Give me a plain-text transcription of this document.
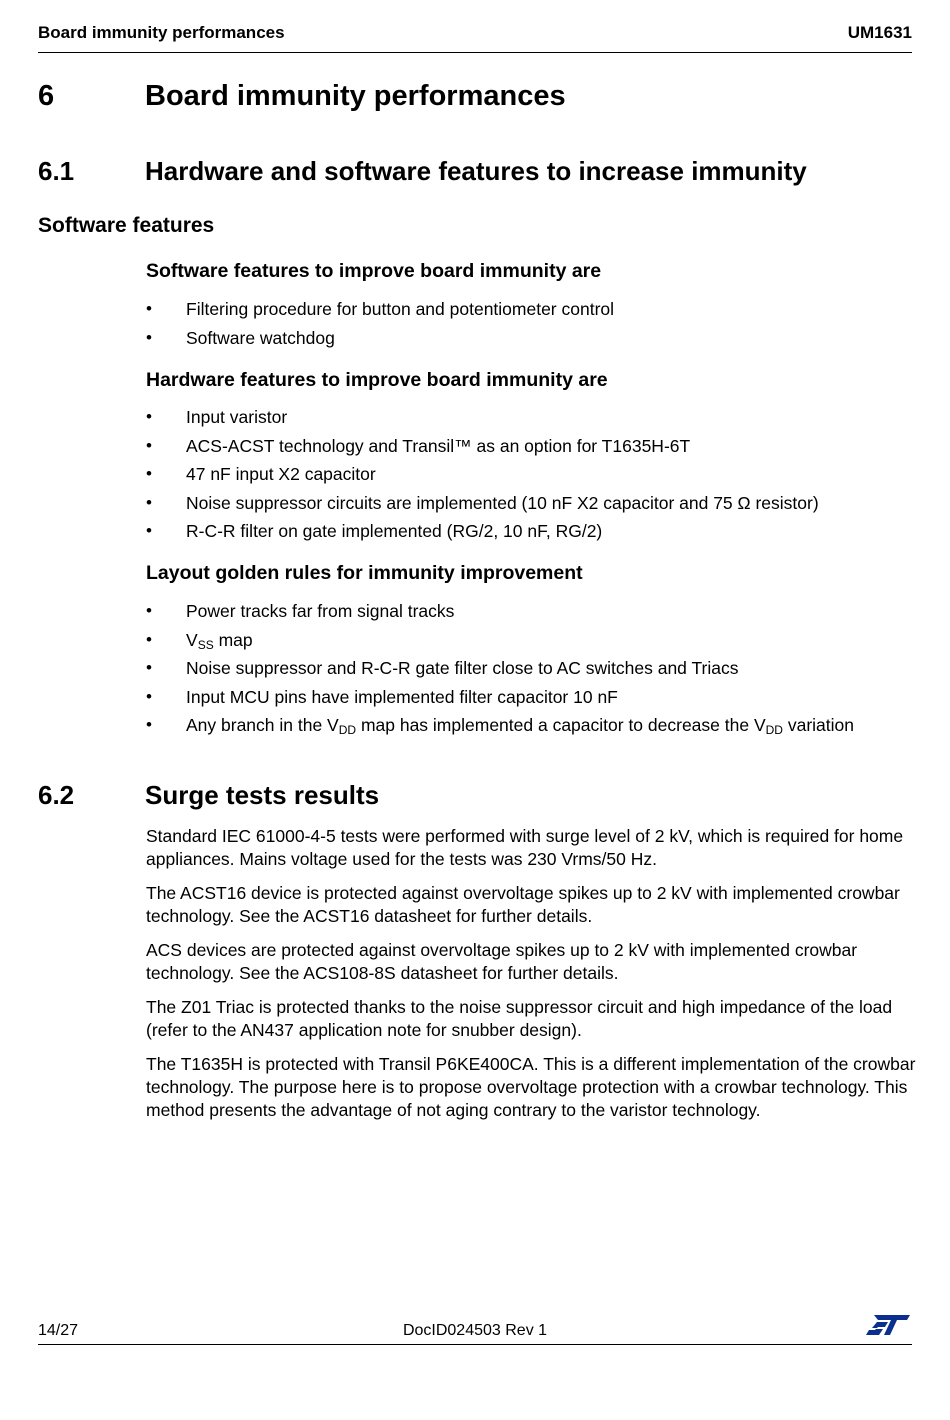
Board immunity performances	UM1631
6	Board immunity performances
6.1	Hardware and software features to increase immunity
Software features
Software features to improve board immunity are
• Filtering procedure for button and potentiometer control
• Software watchdog
Hardware features to improve board immunity are
• Input varistor
• ACS-ACST technology and Transil™ as an option for T1635H-6T
• 47 nF input X2 capacitor
• Noise suppressor circuits are implemented (10 nF X2 capacitor and 75 Ω resistor)
• R-C-R filter on gate implemented (RG/2, 10 nF, RG/2)
Layout golden rules for immunity improvement
• Power tracks far from signal tracks
• $V_{SS}$ map
• Noise suppressor and R-C-R gate filter close to AC switches and Triacs
• Input MCU pins have implemented filter capacitor 10 nF
• Any branch in the $V_{DD}$ map has implemented a capacitor to decrease the $V_{DD}$ variation
6.2	Surge tests results

Standard IEC 61000-4-5 tests were performed with surge level of 2 kV, which is required for home appliances. Mains voltage used for the tests was 230 Vrms/50 Hz.

The ACST16 device is protected against overvoltage spikes up to 2 kV with implemented crowbar technology. See the ACST16 datasheet for further details.

ACS devices are protected against overvoltage spikes up to 2 kV with implemented crowbar technology. See the ACS108-8S datasheet for further details.

The Z01 Triac is protected thanks to the noise suppressor circuit and high impedance of the load (refer to the AN437 application note for snubber design).

The T1635H is protected with Transil P6KE400CA. This is a different implementation of the crowbar technology. The purpose here is to propose overvoltage protection with a crowbar technology. This method presents the advantage of not aging contrary to the varistor technology.

14/27	DocID024503 Rev 1
